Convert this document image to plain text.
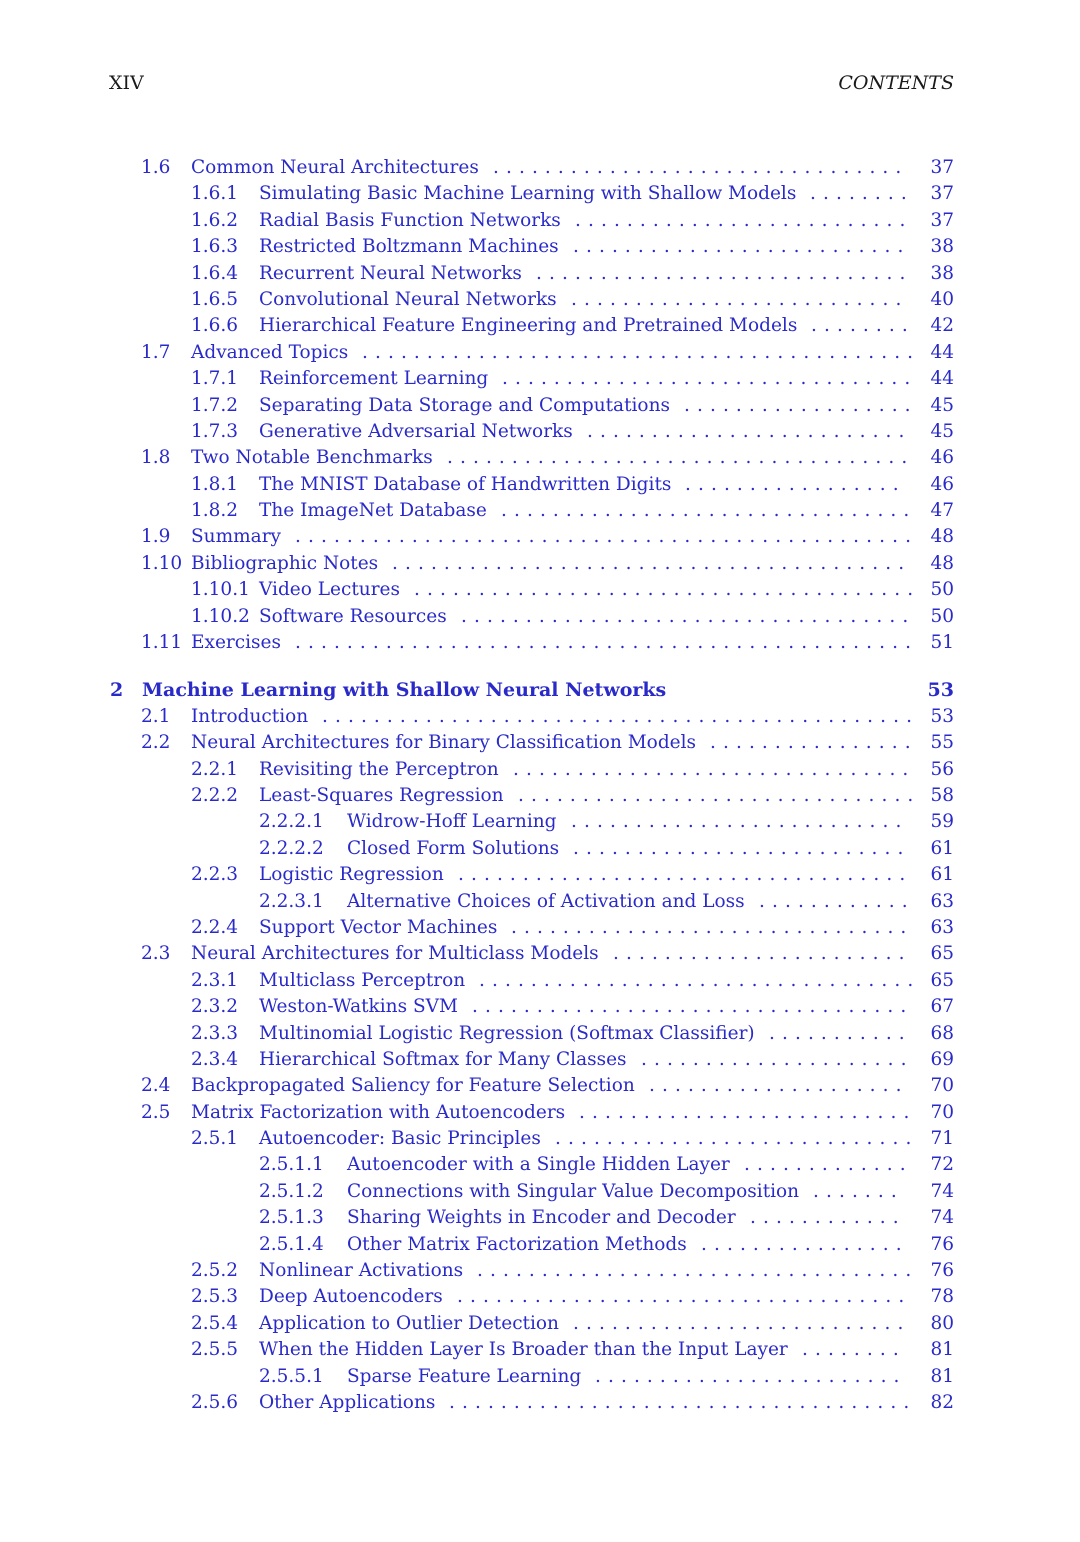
XIV	CONTENTS
1.6 Common Neural Architectures ................................	37
1.6.1 Simulating Basic Machine Learning with Shallow Models ........ 37
1.6.2 Radial Basis Function Networks .......................... 37
1.6.3 Restricted Boltzmann Machines ..........................	38
1.6.4 Recurrent Neural Networks ............................. 38
1.6.5 Convolutional Neural Networks ..........................	40
1.6.6 Hierarchical Feature Engineering and Pretrained Models ........ 42
1.7 Advanced Topics ........................................... 44
1.7.1 Reinforcement Learning ................................ 44
1.7.2 Separating Data Storage and Computations .................. 45
1.7.3 Generative Adversarial Networks .........................	45
1.8 Two Notable Benchmarks .................................... 46
1.8.1 The MNIST Database of Handwritten Digits .................	46
1.8.2 The ImageNet Database ................................ 47
1.9 Summary ................................................ 48
1.10 Bibliographic Notes ........................................	48
1.10.1 Video Lectures ....................................... 50
1.10.2 Software Resources ................................... 50
1.11 Exercises ................................................ 51
2 Machine Learning with Shallow Neural Networks	53
2.1 Introduction .............................................. 53
2.2 Neural Architectures for Binary Classification Models ................ 55
2.2.1 Revisiting the Perceptron ............................... 56
2.2.2 Least-Squares Regression ............................... 58
2.2.2.1 Widrow-Hoff Learning ..........................	59
2.2.2.2 Closed Form Solutions ..........................	61
2.2.3 Logistic Regression ................................... 61
2.2.3.1 Alternative Choices of Activation and Loss ............ 63
2.2.4 Support Vector Machines ............................... 63
2.3 Neural Architectures for Multiclass Models .......................	65
2.3.1 Multiclass Perceptron .................................. 65
2.3.2 Weston-Watkins SVM .................................. 67
2.3.3 Multinomial Logistic Regression (Softmax Classifier) ...........	68
2.3.4 Hierarchical Softmax for Many Classes ..................... 69
2.4 Backpropagated Saliency for Feature Selection ....................	70
2.5 Matrix Factorization with Autoencoders .......................... 70
2.5.1 Autoencoder: Basic Principles ............................ 71
2.5.1.1 Autoencoder with a Single Hidden Layer ............. 72
2.5.1.2 Connections with Singular Value Decomposition .......	74
2.5.1.3 Sharing Weights in Encoder and Decoder ............	74
2.5.1.4 Other Matrix Factorization Methods ................	76
2.5.2 Nonlinear Activations .................................. 76
2.5.3 Deep Autoencoders ...................................	78
2.5.4 Application to Outlier Detection ..........................	80
2.5.5 When the Hidden Layer Is Broader than the Input Layer ........	81
2.5.5.1 Sparse Feature Learning ........................	81
2.5.6 Other Applications .................................... 82
